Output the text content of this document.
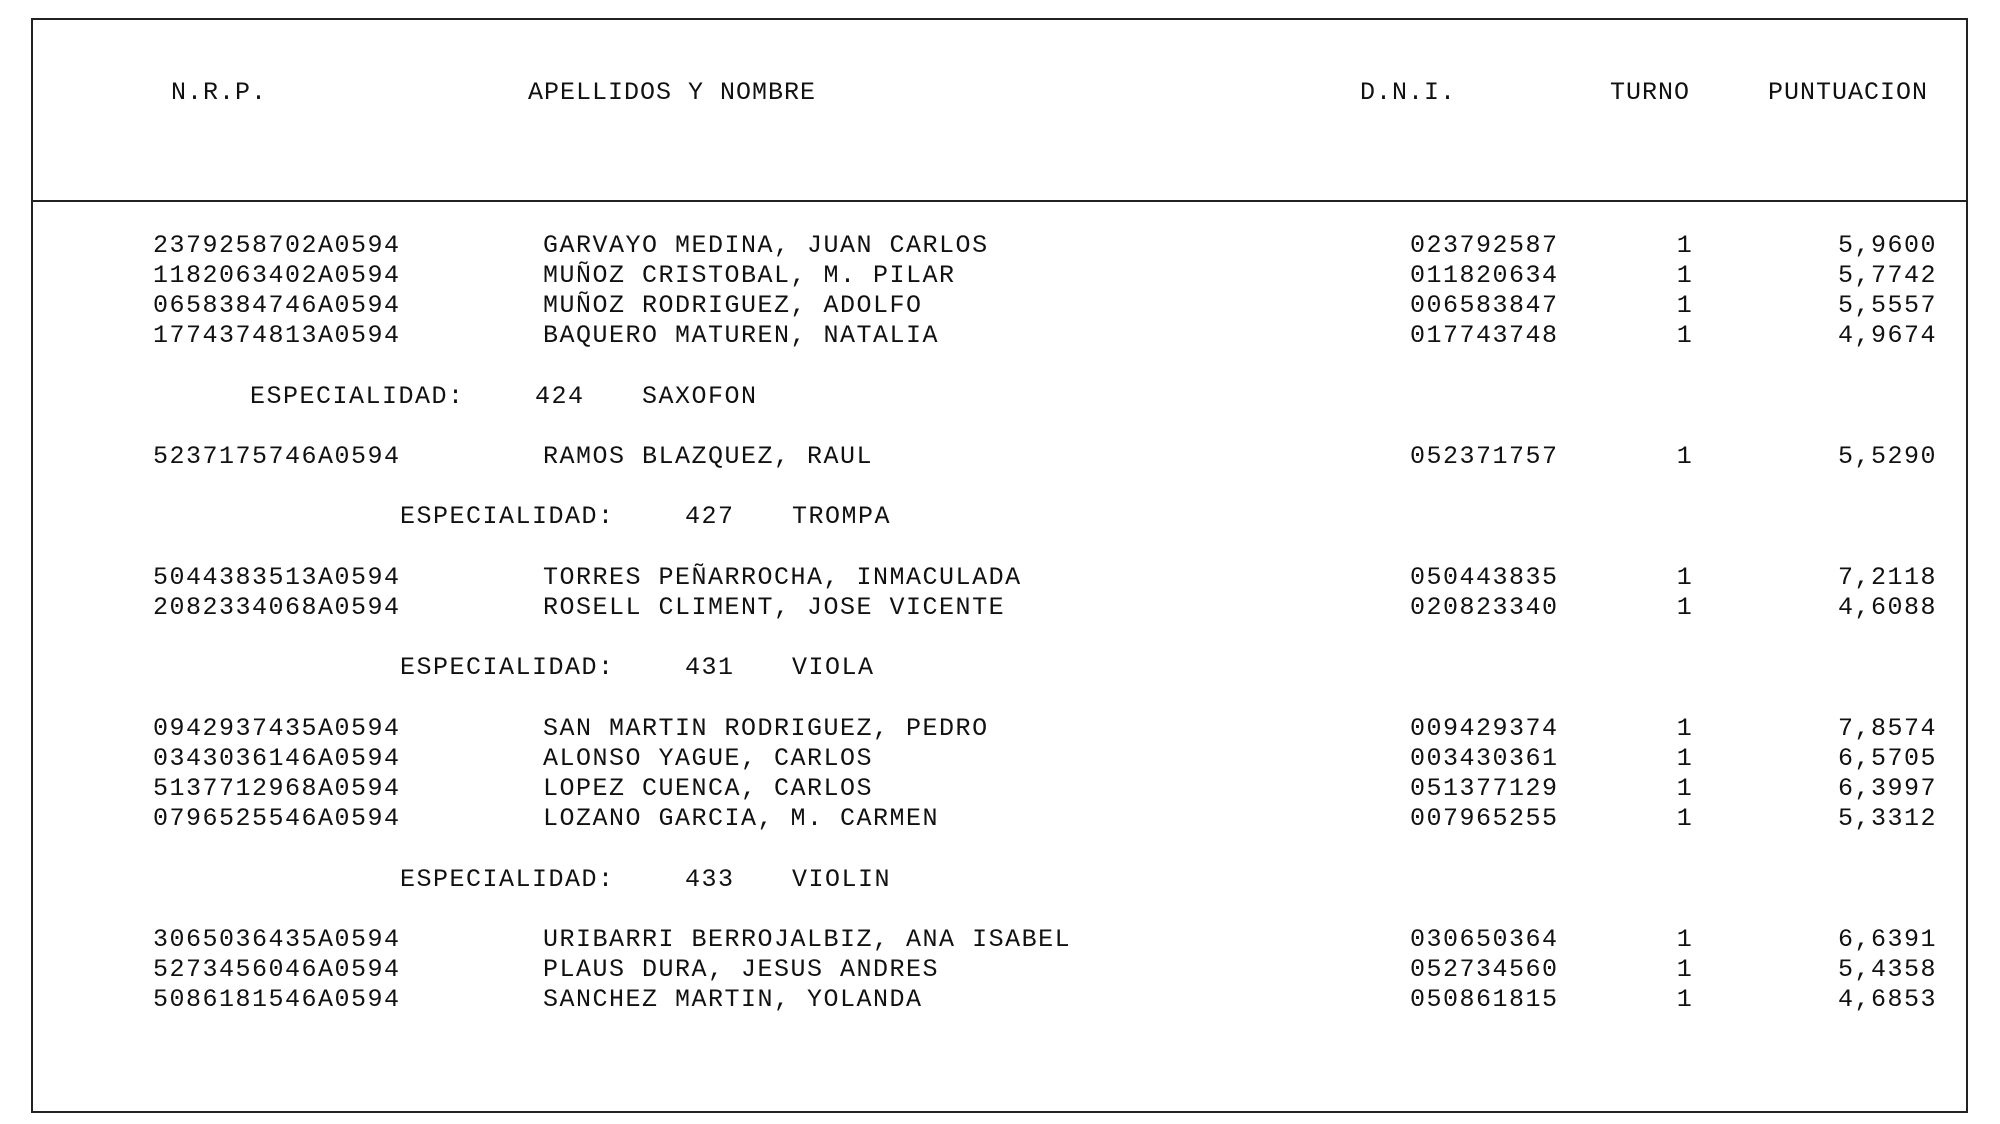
N.R.P.	APELLIDOS Y NOMBRE	D.N.I.	TURNO	PUNTUACION
2379258702A0594	GARVAYO MEDINA, JUAN CARLOS	023792587	1	5,9600
1182063402A0594	MUÑOZ CRISTOBAL, M. PILAR	011820634	1	5,7742
0658384746A0594	MUÑOZ RODRIGUEZ, ADOLFO	006583847	1	5,5557
1774374813A0594	BAQUERO MATUREN, NATALIA	017743748	1	4,9674
ESPECIALIDAD:	424 SAXOFON
5237175746A0594	RAMOS BLAZQUEZ, RAUL	052371757	1	5,5290
ESPECIALIDAD:	427 TROMPA
5044383513A0594	TORRES PEÑARROCHA, INMACULADA	050443835	1	7,2118
2082334068A0594	ROSELL CLIMENT, JOSE VICENTE	020823340	1	4,6088
ESPECIALIDAD:	431 VIOLA
0942937435A0594	SAN MARTIN RODRIGUEZ, PEDRO	009429374	1	7,8574
0343036146A0594	ALONSO YAGUE, CARLOS	003430361	1	6,5705
5137712968A0594	LOPEZ CUENCA, CARLOS	051377129	1	6,3997
0796525546A0594	LOZANO GARCIA, M. CARMEN	007965255	1	5,3312
ESPECIALIDAD:	433 VIOLIN
3065036435A0594	URIBARRI BERROJALBIZ, ANA ISABEL	030650364	1	6,6391
5273456046A0594	PLAUS DURA, JESUS ANDRES	052734560	1	5,4358
5086181546A0594	SANCHEZ MARTIN, YOLANDA	050861815	1	4,6853
